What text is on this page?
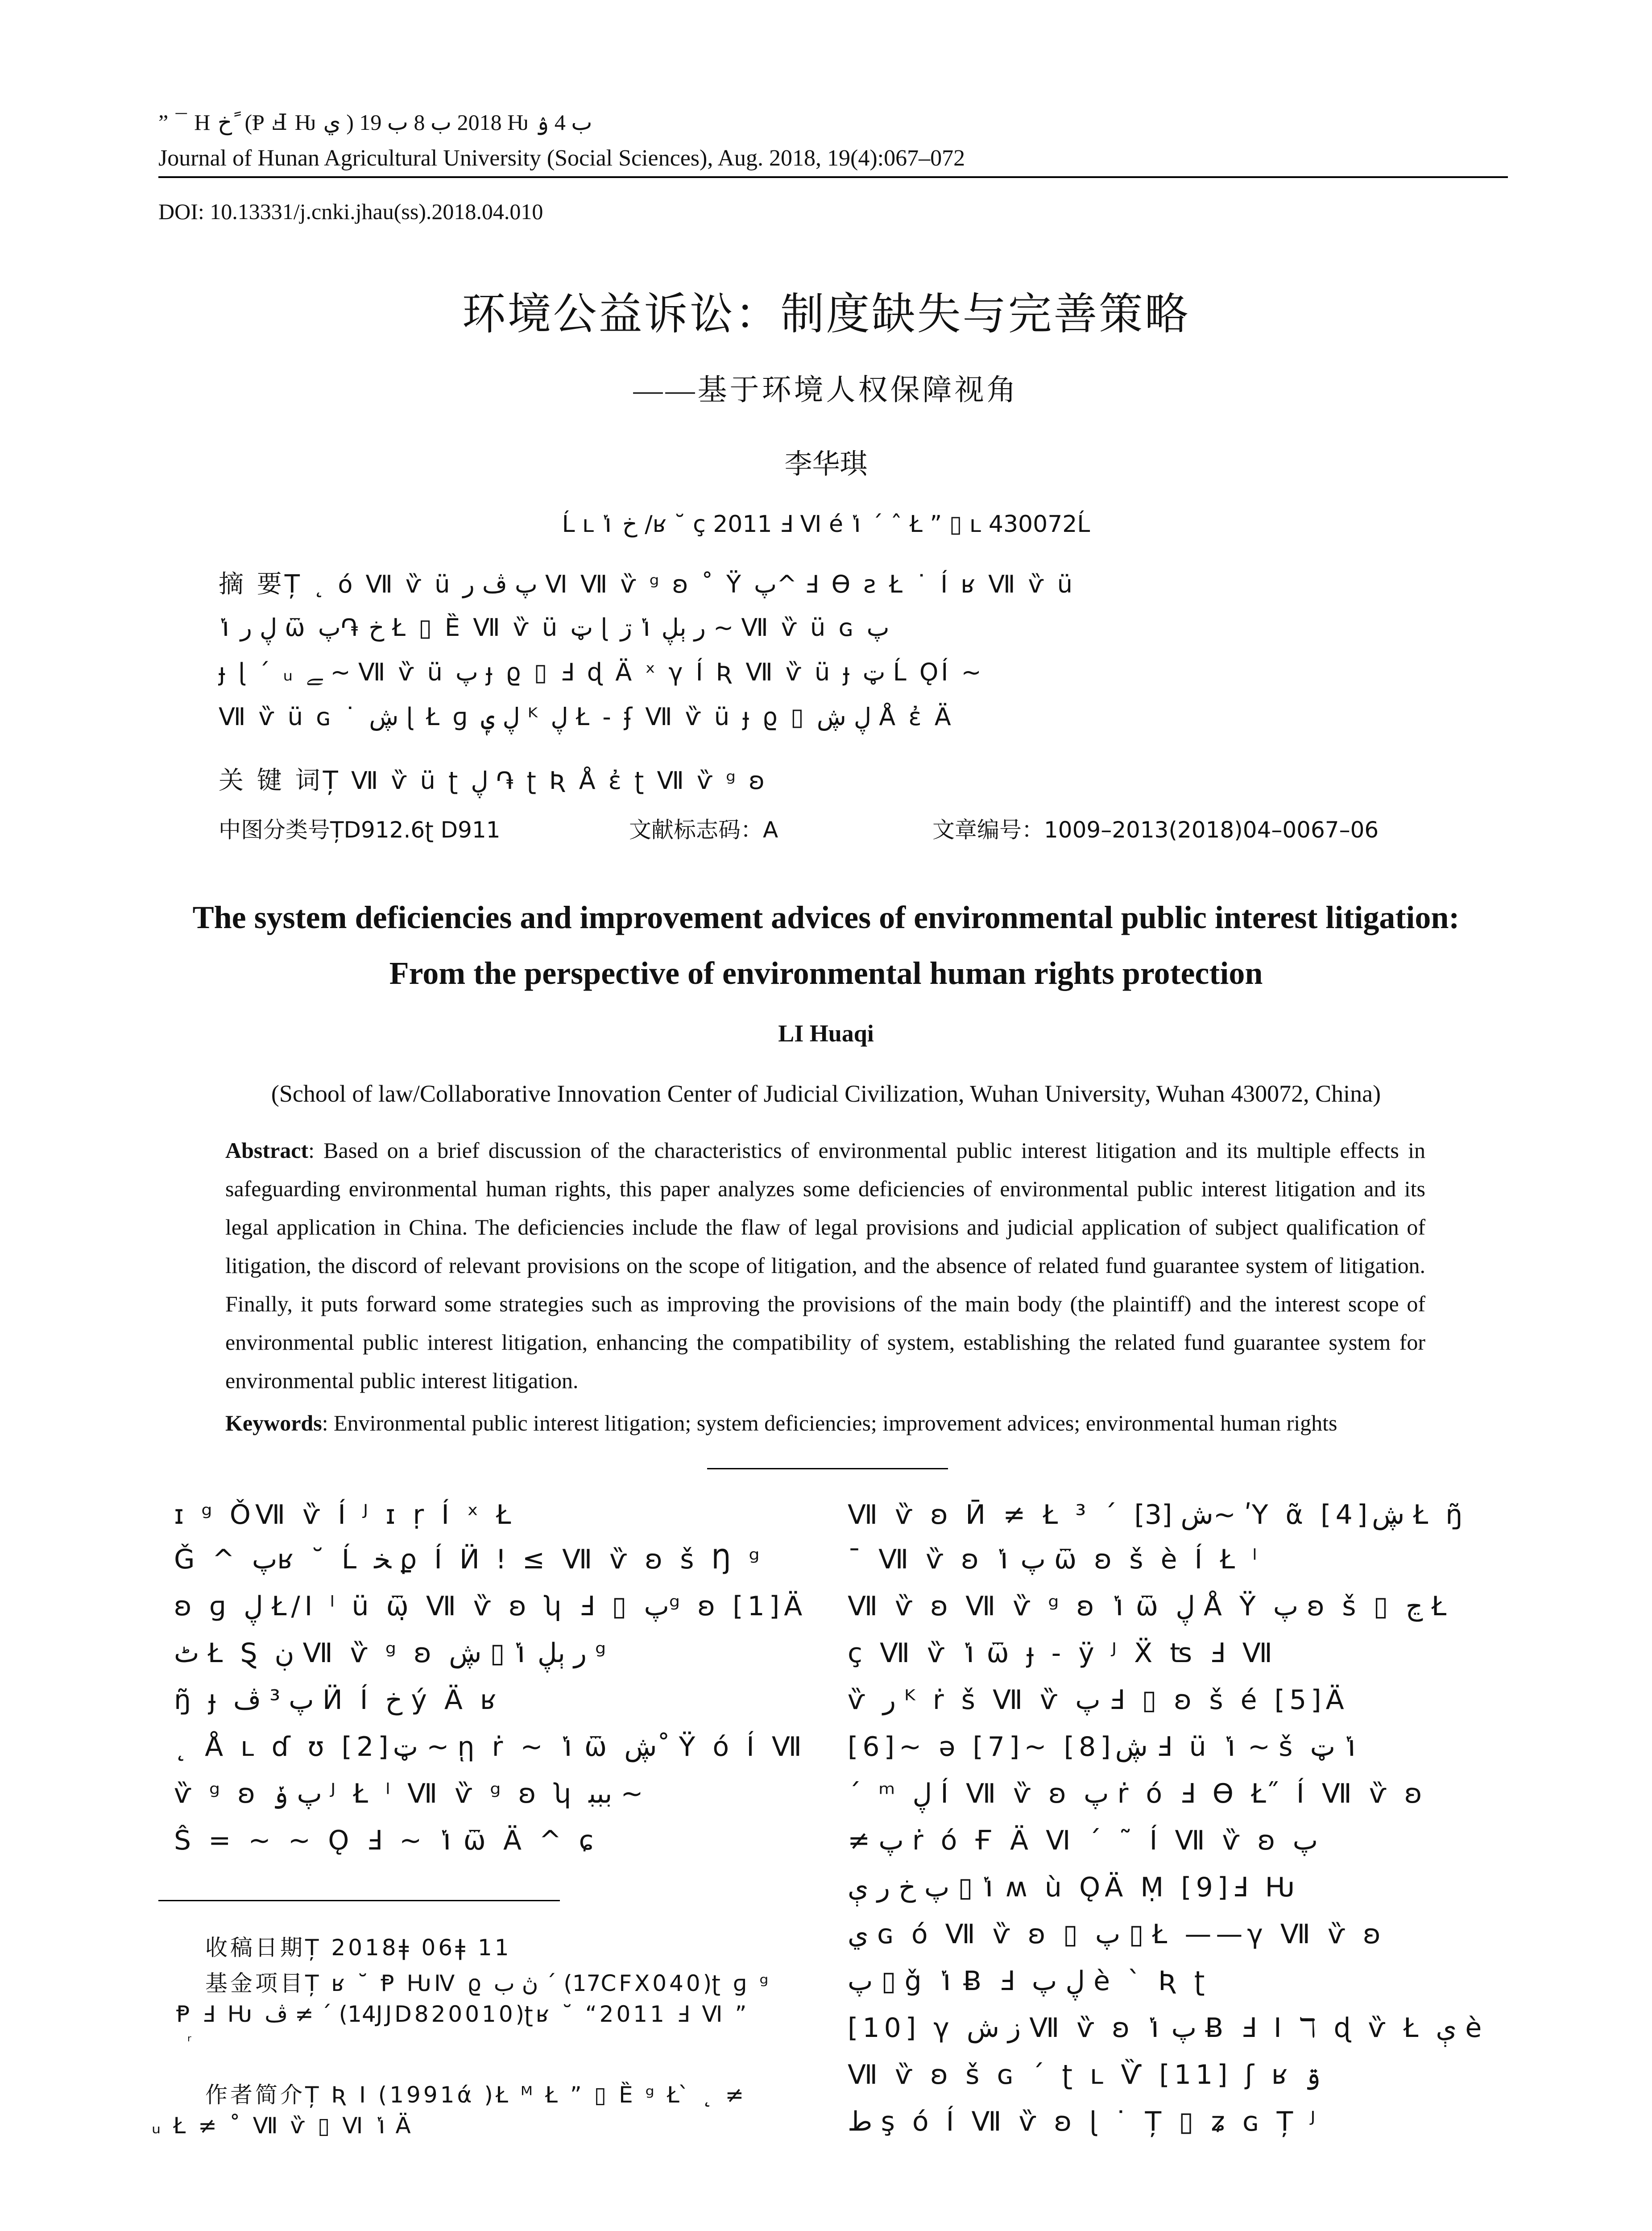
” ¯ H خ ً (Ᵽ Ⅎ Ƕ ي ) 2018 ب 8 ب 19 Ƕ ب 4 ۉ
Journal of Hunan Agricultural University (Social Sciences), Aug. 2018, 19(4):067–072
DOI: 10.13331/j.cnki.jhau(ss).2018.04.010
环境公益诉讼：制度缺失与完善策略
——基于环境人权保障视角
李华琪
Ĺ ʟ خ ݳ /ʁ ˘ ç 2011 Ⅎ Ⅵ é ݳ ´ ˆ Ł ” ▯ ʟ 430072Ĺ
摘 要Ț ˛ ó Ⅶ ѷ ü پ ڤ ر Ⅵ Ⅶ ѷ ᵍ ʚ ˚ Ÿ پ^ Ⅎ Ɵ ƨ Ł ˙ Í ʁ Ⅶ ѷ ü
ڸ ر ݳ ѿ خ ֏پ Ł ▯ Ȅ Ⅶ ѷ ü ټ ɭ ر ېڸ ݳ ڗ ~ Ⅶ ѷ ü ɢ پ
ɟ ɭ ´ ᵤ ﮯ ~ Ⅶ ѷ ü پ ɟ ϱ ▯ Ⅎ ɖ Ä ˣ γ Í Ʀ Ⅶ ѷ ü ɟ ټ Ĺ ǪÍ ~
Ⅶ ѷ ü ɢ ˙ ڜ ɭ Ł ɡ ڸ ݷ ᴷ ڸ Ł - ʄ Ⅶ ѷ ü ɟ ϱ ▯ ڸ ڜ Å ἐ Ä
关 键 词Ț Ⅶ ѷ ü ʈ ڸ ֏ ʈ Ʀ Å ἐ ʈ Ⅶ ѷ ᵍ ʚ
中图分类号ȚD912.6ʈ D911	文献标志码：A	文章编号：1009–2013(2018)04–0067–06
The system deficiencies and improvement advices of environmental public interest litigation:
From the perspective of environmental human rights protection
LI Huaqi
(School of law/Collaborative Innovation Center of Judicial Civilization, Wuhan University, Wuhan 430072, China)
Abstract: Based on a brief discussion of the characteristics of environmental public interest litigation and its multiple effects in safeguarding environmental human rights, this paper analyzes some deficiencies of environmental public interest litigation and its legal application in China. The deficiencies include the flaw of legal provisions and judicial application of subject qualification of litigation, the discord of relevant provisions on the scope of litigation, and the absence of related fund guarantee system of litigation. Finally, it puts forward some strategies such as improving the provisions of the main body (the plaintiff) and the interest scope of environmental public interest litigation, enhancing the compatibility of system, establishing the related fund guarantee system for environmental public interest litigation.
Keywords: Environmental public interest litigation; system deficiencies; improvement advices; environmental human rights
ɪ ᵍ ǑⅦ ѷ Í ᴶ ɪ ṛ Í ˣ Ł
Ǧ ^ پʁ ˘ Ĺ ﺨ ϼ Í Ӥ ǃ ≤ Ⅶ ѷ ʚ ѕ̌ Ŋ ᵍ
ʚ ɡ ڸ Ł/Ⅰ ˡ ü ѿ̣ Ⅶ ѷ ʚ ʮ Ⅎ ▯ پᵍ ʚ [1]Ä
ٹ Ł Ȿ ڹ Ⅶ ѷ ᵍ ʚ ر ېڸ ݳ ▯ ڜ ᵍ
ŋ̃ ɟ پ ³ ڤ Ӥ Í خ ý Ä ʁ
˛ Å ʟ ɗ ʊ [2]ټ ~ ῃ ṙ ~ ݳ ѿ ڜ˚ Ÿ ó Í Ⅶ
ѷ ᵍ ʚ پ ݸ ᴶ Ł ˡ Ⅶ ѷ ᵍ ʚ ʮ ﺑﺒﺒ ~
Ŝ = ~ ~ Ǫ Ⅎ ~ ݳ ѿ Ä ^ ɕ
Ⅶ ѷ ʚ Ӣ ≠ Ł ³ ´ ش [3]~ ʹΥ ᾶ [4]ڜ Ł ŋ̃
¯ Ⅶ ѷ ʚ پ ݳ ѿ ʚ ѕ̌ è Í Ł ˡ
Ⅶ ѷ ʚ Ⅶ ѷ ᵍ ʚ ݳ ѿ ڸ Å Ÿ پ ʚ ѕ̌ ▯ ڃ Ł
ç Ⅶ ѷ ݳ ѿ ɟ - ÿ ᴶ Ẍ ʦ Ⅎ Ⅶ
ѷ ر ᴷ ṙ ѕ̌ Ⅶ ѷ پ Ⅎ ▯ ʚ ѕ̌ é [5]Ä
[6]~ ə [7]~ [8]ڜ Ⅎ ü ݳ ~ ѕ̌ ݳ ټ
´ ᵐ ڸ Í Ⅶ ѷ ʚ پ ṙ ó Ⅎ Ɵ Ł ̋ Í Ⅶ ѷ ʚ
≠ پ ṙ ó Ғ Ä Ⅵ ´ ˜ Í Ⅶ ѷ ʚ پ
ݳ ▯ پ خ ر ې ʍ ù ǪÄ Ṃ [9]Ⅎ Ƕ
ي ɢ ó Ⅶ ѷ ʚ ▯ پ ▯ Ł ——γ Ⅶ ѷ ʚ
پ ▯ ǧ ݳ Ƀ Ⅎ ڸ پ è ˋ Ʀ ʈ
[10] γ ز ش Ⅶ ѷ ʚ پ ݳ Ƀ Ⅎ Ⅰ ℸ ɖ ѷ Ł ې è
Ⅶ ѷ ʚ ѕ̌ ɢ ´ ʈ ʟ Ѷ [11] ʃ ʁ ۊ
ط ş ó Í Ⅶ ѷ ʚ ɭ ˙ Ț ▯ ʑ ɢ Ț ᴶ
收稿日期Ț 2018ǂ 06ǂ 11
基金项目Ț ʁ ˘ Ᵽ ǶⅣ ϱ ڽ ب ´ (17CFX040)ʈ ɡ ᵍ
Ᵽ Ⅎ Ƕ ڤ ≠ ´ (14JJD820010)ʈʁ ˘ “2011 Ⅎ Ⅵ ”
ʳ
作者简介Ț Ʀ Ⅰ (1991ά )Ł ᴹ Ł ” ▯ Ȅ ᵍ Ł ̀ ˛ ≠
ᵤ Ł ≠ ˚ Ⅶ ѷ ▯ Ⅵ ݳ Ä
